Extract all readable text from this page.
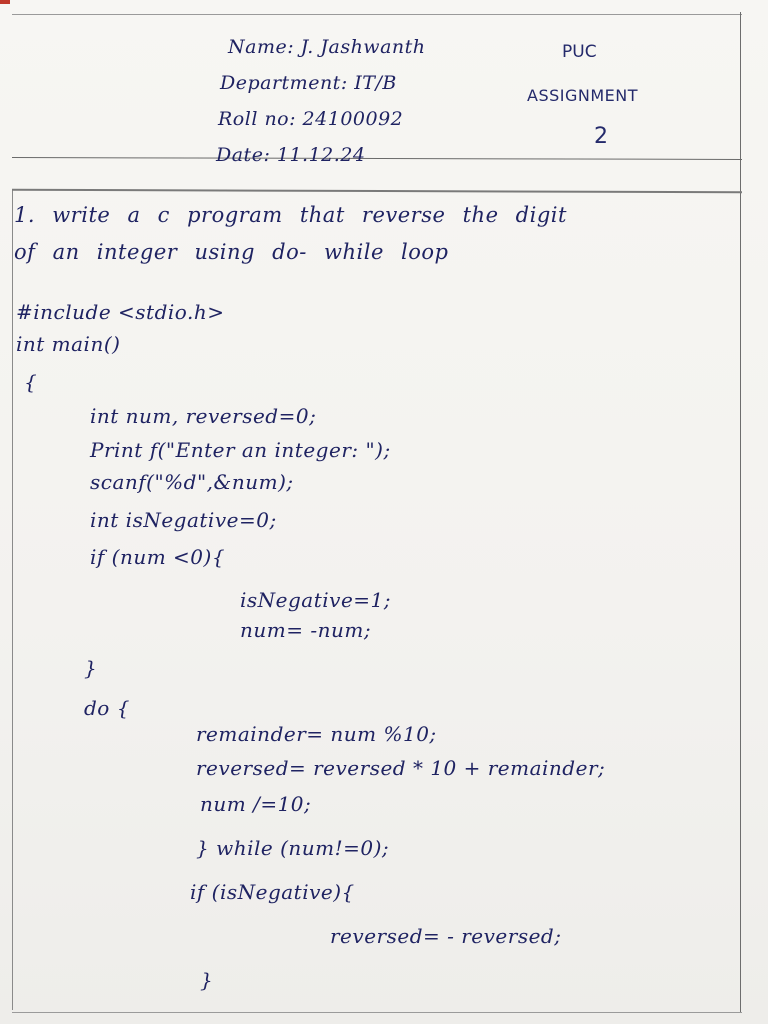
Name: J. Jashwanth
Department: IT/B
Roll no: 24100092
Date: 11.12.24
PUC
ASSIGNMENT
2
1. write a c program that reverse the digit
of an integer using do- while loop
#include <stdio.h>
int main()
{
int num, reversed=0;
Print f("Enter an integer: ");
scanf("%d",&num);
int isNegative=0;
if (num <0){
isNegative=1;
num= -num;
}
do {
remainder= num %10;
reversed= reversed * 10 + remainder;
num /=10;
} while (num!=0);
if (isNegative){
reversed= - reversed;
}
